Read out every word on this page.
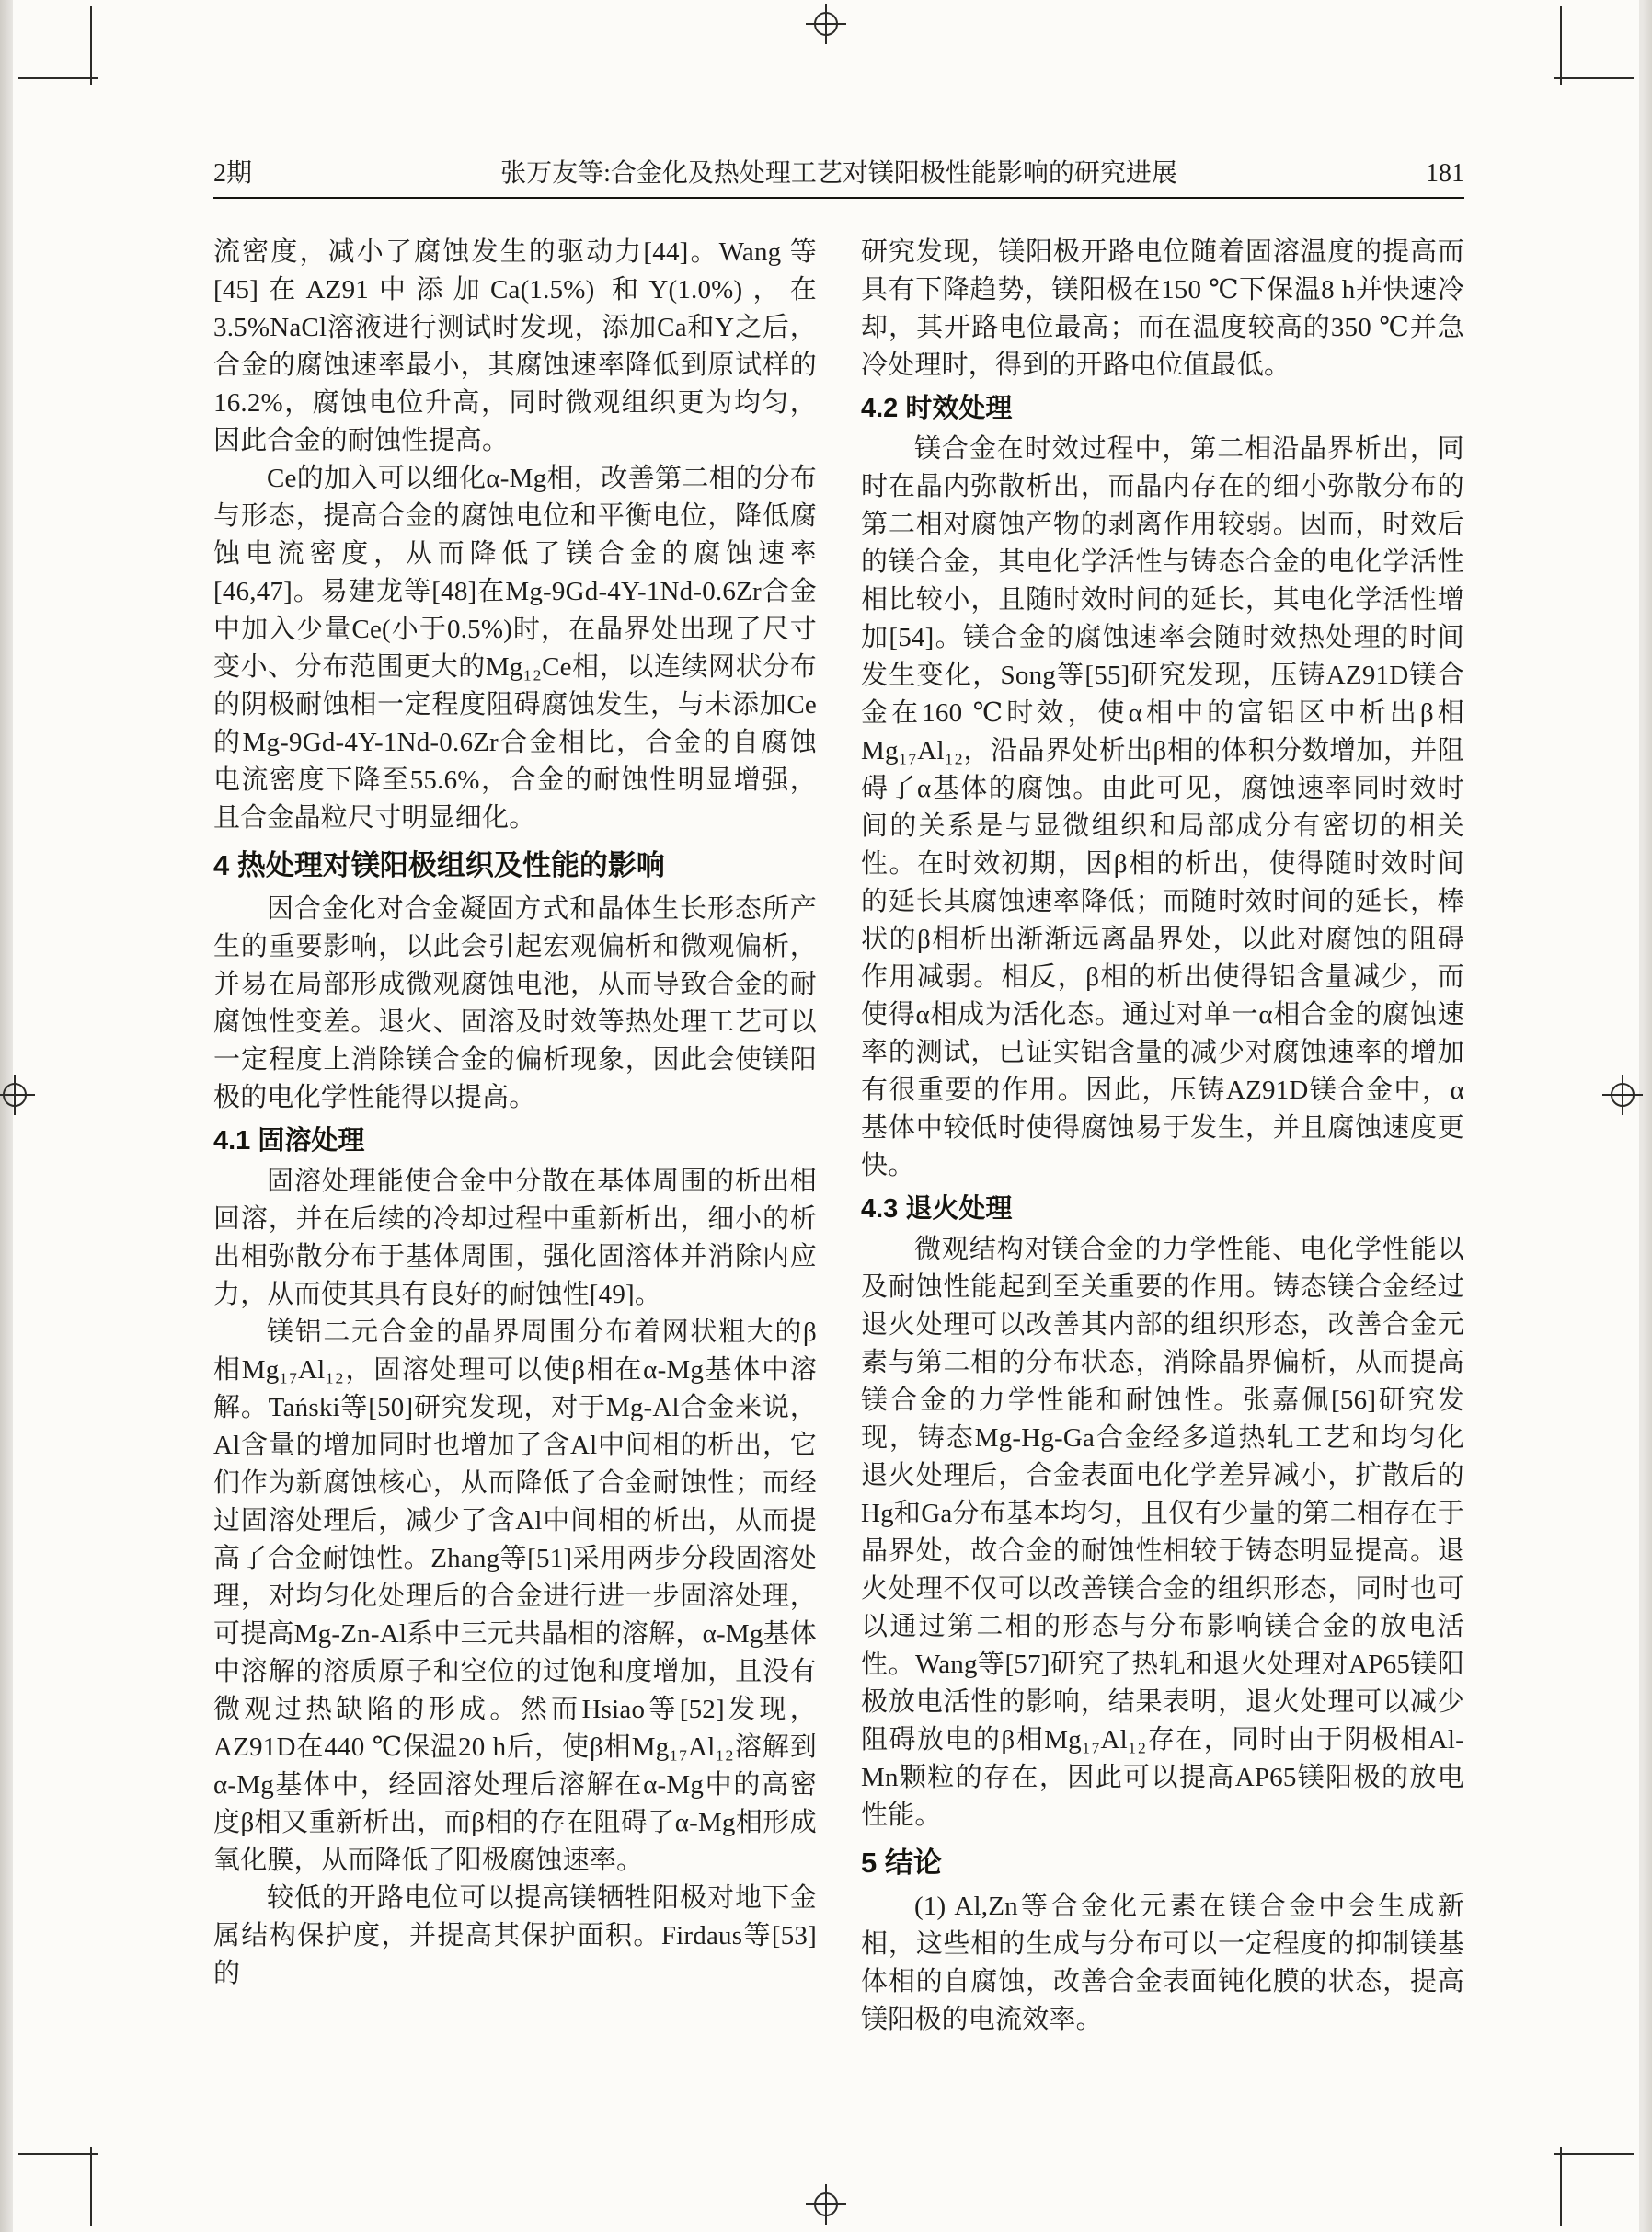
2期	张万友等:合金化及热处理工艺对镁阳极性能影响的研究进展	181

流密度，减小了腐蚀发生的驱动力[44]。Wang 等[45]在AZ91中添加Ca(1.5%) 和Y(1.0%)，在3.5%NaCl溶液进行测试时发现，添加Ca和Y之后，合金的腐蚀速率最小，其腐蚀速率降低到原试样的16.2%，腐蚀电位升高，同时微观组织更为均匀，因此合金的耐蚀性提高。

Ce的加入可以细化α-Mg相，改善第二相的分布与形态，提高合金的腐蚀电位和平衡电位，降低腐蚀电流密度，从而降低了镁合金的腐蚀速率[46,47]。易建龙等[48]在Mg-9Gd-4Y-1Nd-0.6Zr合金中加入少量Ce(小于0.5%)时，在晶界处出现了尺寸变小、分布范围更大的Mg₁₂Ce相，以连续网状分布的阴极耐蚀相一定程度阻碍腐蚀发生，与未添加Ce的Mg-9Gd-4Y-1Nd-0.6Zr合金相比，合金的自腐蚀电流密度下降至55.6%，合金的耐蚀性明显增强，且合金晶粒尺寸明显细化。

4 热处理对镁阳极组织及性能的影响

因合金化对合金凝固方式和晶体生长形态所产生的重要影响，以此会引起宏观偏析和微观偏析，并易在局部形成微观腐蚀电池，从而导致合金的耐腐蚀性变差。退火、固溶及时效等热处理工艺可以一定程度上消除镁合金的偏析现象，因此会使镁阳极的电化学性能得以提高。

4.1 固溶处理

固溶处理能使合金中分散在基体周围的析出相回溶，并在后续的冷却过程中重新析出，细小的析出相弥散分布于基体周围，强化固溶体并消除内应力，从而使其具有良好的耐蚀性[49]。

镁铝二元合金的晶界周围分布着网状粗大的β相Mg₁₇Al₁₂，固溶处理可以使β相在α-Mg基体中溶解。Tański等[50]研究发现，对于Mg-Al合金来说，Al含量的增加同时也增加了含Al中间相的析出，它们作为新腐蚀核心，从而降低了合金耐蚀性；而经过固溶处理后，减少了含Al中间相的析出，从而提高了合金耐蚀性。Zhang等[51]采用两步分段固溶处理，对均匀化处理后的合金进行进一步固溶处理，可提高Mg-Zn-Al系中三元共晶相的溶解，α-Mg基体中溶解的溶质原子和空位的过饱和度增加，且没有微观过热缺陷的形成。然而Hsiao等[52]发现，AZ91D在440 ℃保温20 h后，使β相Mg₁₇Al₁₂溶解到α-Mg基体中，经固溶处理后溶解在α-Mg中的高密度β相又重新析出，而β相的存在阻碍了α-Mg相形成氧化膜，从而降低了阳极腐蚀速率。

较低的开路电位可以提高镁牺牲阳极对地下金属结构保护度，并提高其保护面积。Firdaus等[53]的

研究发现，镁阳极开路电位随着固溶温度的提高而具有下降趋势，镁阳极在150 ℃下保温8 h并快速冷却，其开路电位最高；而在温度较高的350 ℃并急冷处理时，得到的开路电位值最低。

4.2 时效处理

镁合金在时效过程中，第二相沿晶界析出，同时在晶内弥散析出，而晶内存在的细小弥散分布的第二相对腐蚀产物的剥离作用较弱。因而，时效后的镁合金，其电化学活性与铸态合金的电化学活性相比较小，且随时效时间的延长，其电化学活性增加[54]。镁合金的腐蚀速率会随时效热处理的时间发生变化，Song等[55]研究发现，压铸AZ91D镁合金在160 ℃时效，使α相中的富铝区中析出β相Mg₁₇Al₁₂，沿晶界处析出β相的体积分数增加，并阻碍了α基体的腐蚀。由此可见，腐蚀速率同时效时间的关系是与显微组织和局部成分有密切的相关性。在时效初期，因β相的析出，使得随时效时间的延长其腐蚀速率降低；而随时效时间的延长，棒状的β相析出渐渐远离晶界处，以此对腐蚀的阻碍作用减弱。相反，β相的析出使得铝含量减少，而使得α相成为活化态。通过对单一α相合金的腐蚀速率的测试，已证实铝含量的减少对腐蚀速率的增加有很重要的作用。因此，压铸AZ91D镁合金中，α基体中较低时使得腐蚀易于发生，并且腐蚀速度更快。

4.3 退火处理

微观结构对镁合金的力学性能、电化学性能以及耐蚀性能起到至关重要的作用。铸态镁合金经过退火处理可以改善其内部的组织形态，改善合金元素与第二相的分布状态，消除晶界偏析，从而提高镁合金的力学性能和耐蚀性。张嘉佩[56]研究发现，铸态Mg-Hg-Ga合金经多道热轧工艺和均匀化退火处理后，合金表面电化学差异减小，扩散后的Hg和Ga分布基本均匀，且仅有少量的第二相存在于晶界处，故合金的耐蚀性相较于铸态明显提高。退火处理不仅可以改善镁合金的组织形态，同时也可以通过第二相的形态与分布影响镁合金的放电活性。Wang等[57]研究了热轧和退火处理对AP65镁阳极放电活性的影响，结果表明，退火处理可以减少阻碍放电的β相Mg₁₇Al₁₂存在，同时由于阴极相Al-Mn颗粒的存在，因此可以提高AP65镁阳极的放电性能。

5 结论

(1) Al,Zn等合金化元素在镁合金中会生成新相，这些相的生成与分布可以一定程度的抑制镁基体相的自腐蚀，改善合金表面钝化膜的状态，提高镁阳极的电流效率。
